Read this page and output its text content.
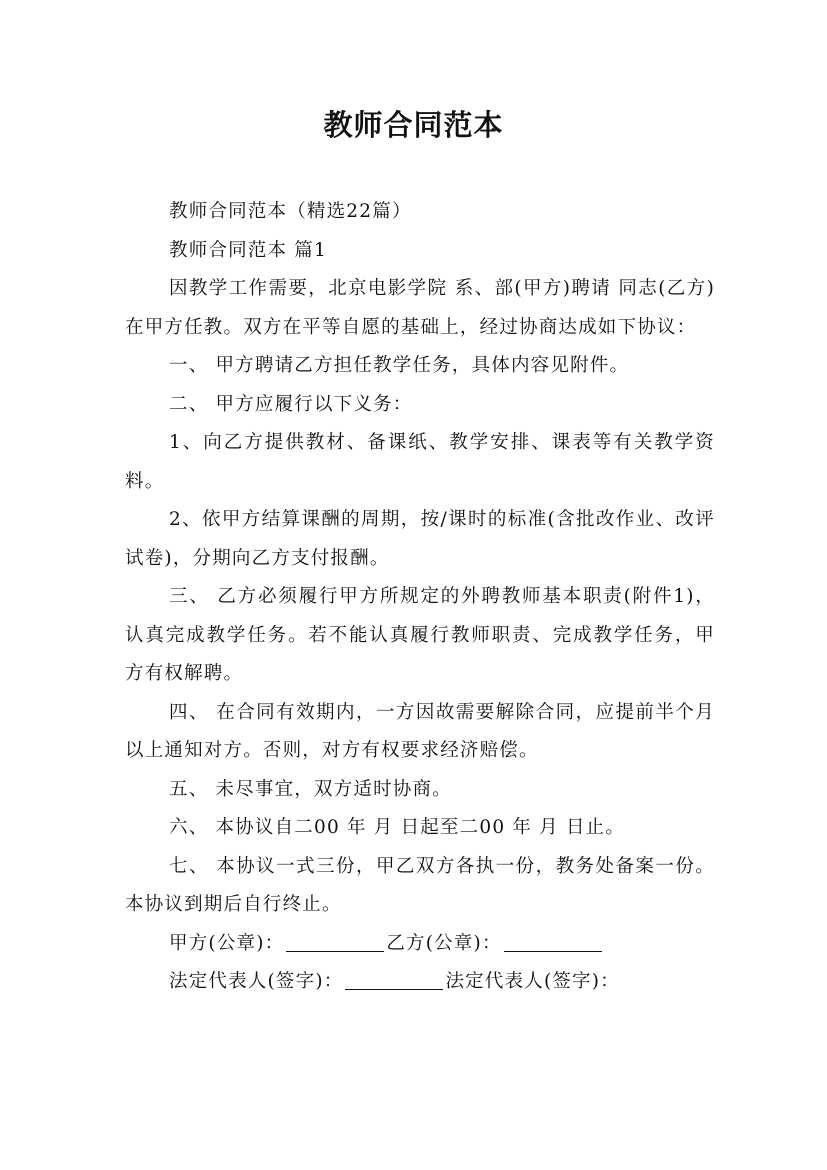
教师合同范本

教师合同范本（精选22篇）

教师合同范本 篇1

因教学工作需要，北京电影学院 系、部(甲方)聘请 同志(乙方)在甲方任教。双方在平等自愿的基础上，经过协商达成如下协议：

一、 甲方聘请乙方担任教学任务，具体内容见附件。

二、 甲方应履行以下义务：

1、向乙方提供教材、备课纸、教学安排、课表等有关教学资料。

2、依甲方结算课酬的周期，按/课时的标准(含批改作业、改评试卷)，分期向乙方支付报酬。

三、 乙方必须履行甲方所规定的外聘教师基本职责(附件1)，认真完成教学任务。若不能认真履行教师职责、完成教学任务，甲方有权解聘。

四、 在合同有效期内，一方因故需要解除合同，应提前半个月以上通知对方。否则，对方有权要求经济赔偿。

五、 未尽事宜，双方适时协商。

六、 本协议自二00 年 月 日起至二00 年 月 日止。

七、 本协议一式三份，甲乙双方各执一份，教务处备案一份。本协议到期后自行终止。

甲方(公章)：	乙方(公章)：

法定代表人(签字)：	法定代表人(签字)：
